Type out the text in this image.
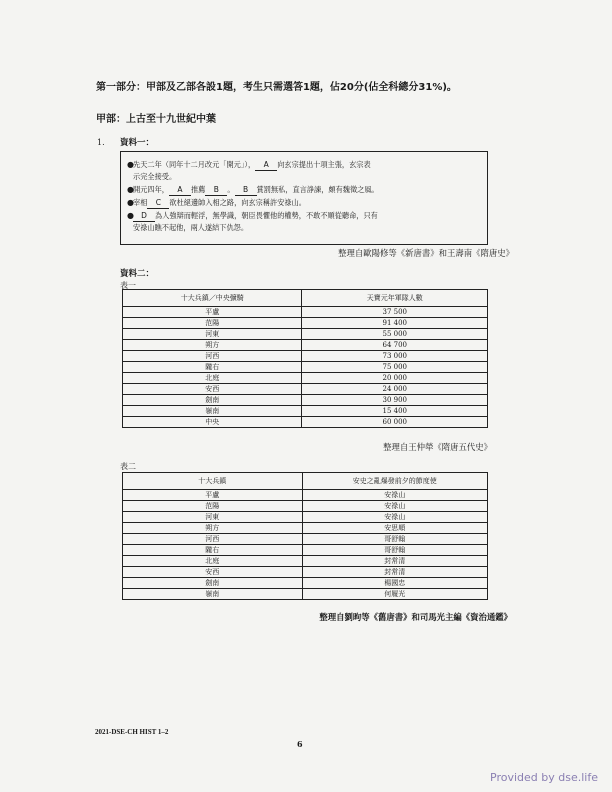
第一部分：甲部及乙部各設1題，考生只需選答1題，佔20分(佔全科總分31%)。
甲部：上古至十九世紀中葉
1. 資料一：
● 先天二年（同年十二月改元「開元」）， A 向玄宗提出十項主張，玄宗表
示完全接受。
● 開元四年， A 推薦 B 。 B 賞罰無私，直言諍諫，頗有魏徵之風。
● 宰相 C 欲杜絕邊帥入相之路，向玄宗稱許安祿山。
● D 為人強辯而輕浮，無學識，朝臣畏懼他的權勢，不敢不順從聽命，只有
安祿山瞧不起他，兩人遂結下仇怨。
整理自歐陽修等《新唐書》和王壽南《隋唐史》
資料二：
表一
十大兵鎮／中央彍騎	天寶元年軍隊人數
平盧	37 500
范陽	91 400
河東	55 000
朔方	64 700
河西	73 000
隴右	75 000
北庭	20 000
安西	24 000
劍南	30 900
嶺南	15 400
中央	60 000
整理自王仲犖《隋唐五代史》
表二
十大兵鎮	安史之亂爆發前夕的節度使
平盧	安祿山
范陽	安祿山
河東	安祿山
朔方	安思順
河西	哥舒翰
隴右	哥舒翰
北庭	封常清
安西	封常清
劍南	楊國忠
嶺南	何履光
整理自劉昫等《舊唐書》和司馬光主編《資治通鑑》
2021-DSE-CH HIST 1–2
6
Provided by dse.life
